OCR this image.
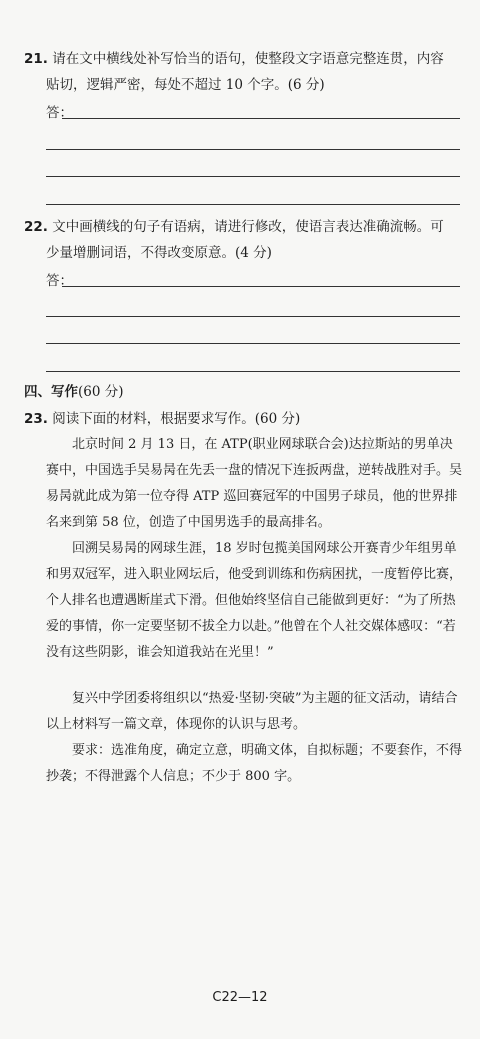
21. 请在文中横线处补写恰当的语句，使整段文字语意完整连贯，内容
贴切，逻辑严密，每处不超过 10 个字。(6 分)
答：
22. 文中画横线的句子有语病，请进行修改，使语言表达准确流畅。可
少量增删词语，不得改变原意。(4 分)
答：
四、写作(60 分)
23. 阅读下面的材料，根据要求写作。(60 分)

北京时间 2 月 13 日，在 ATP(职业网球联合会)达拉斯站的男单决赛中，中国选手吴易昺在先丢一盘的情况下连扳两盘，逆转战胜对手。吴易昺就此成为第一位夺得 ATP 巡回赛冠军的中国男子球员，他的世界排名来到第 58 位，创造了中国男选手的最高排名。

回溯吴易昺的网球生涯，18 岁时包揽美国网球公开赛青少年组男单和男双冠军，进入职业网坛后，他受到训练和伤病困扰，一度暂停比赛，个人排名也遭遇断崖式下滑。但他始终坚信自己能做到更好：“为了所热爱的事情，你一定要坚韧不拔全力以赴。”他曾在个人社交媒体感叹：“若没有这些阴影，谁会知道我站在光里！”

复兴中学团委将组织以“热爱·坚韧·突破”为主题的征文活动，请结合以上材料写一篇文章，体现你的认识与思考。

要求：选准角度，确定立意，明确文体，自拟标题；不要套作，不得抄袭；不得泄露个人信息；不少于 800 字。

C22—12
